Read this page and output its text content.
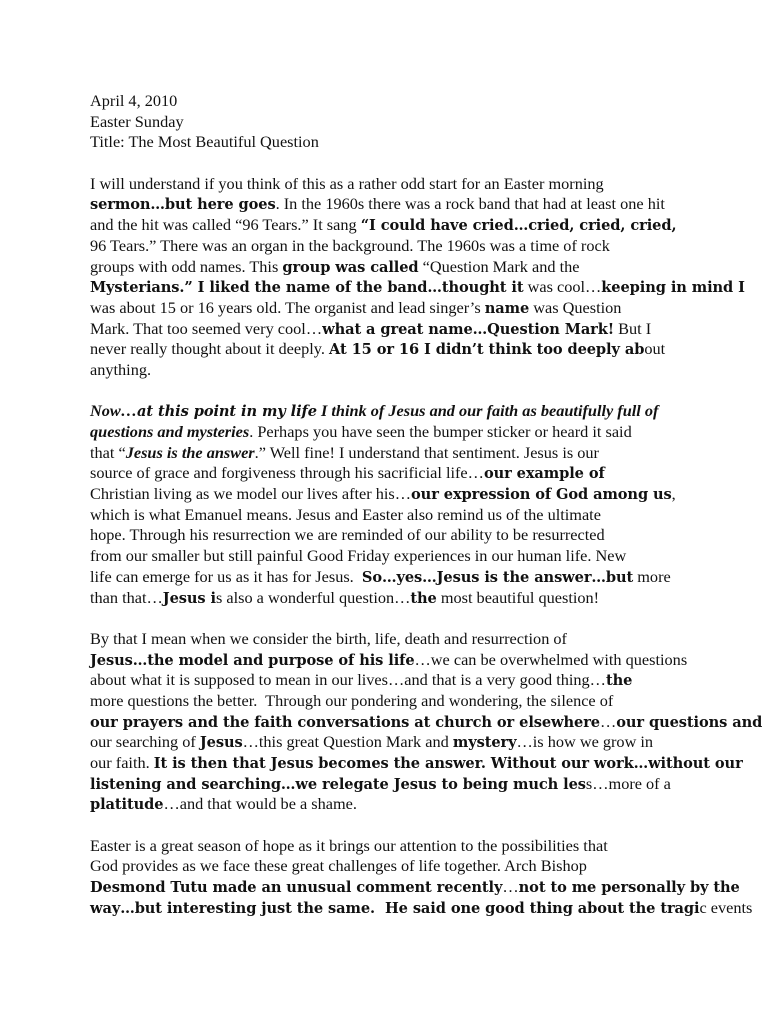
April 4, 2010
Easter Sunday
Title: The Most Beautiful Question
I will understand if you think of this as a rather odd start for an Easter morning
sermon…but here goes. In the 1960s there was a rock band that had at least one hit
and the hit was called “96 Tears.” It sang “I could have cried…cried, cried, cried,
96 Tears.” There was an organ in the background. The 1960s was a time of rock
groups with odd names. This group was called “Question Mark and the
Mysterians.” I liked the name of the band…thought it was cool…keeping in mind I
was about 15 or 16 years old. The organist and lead singer’s name was Question
Mark. That too seemed very cool…what a great name…Question Mark! But I
never really thought about it deeply. At 15 or 16 I didn’t think too deeply about
anything.
Now…at this point in my life I think of Jesus and our faith as beautifully full of
questions and mysteries. Perhaps you have seen the bumper sticker or heard it said
that “Jesus is the answer.” Well fine! I understand that sentiment. Jesus is our
source of grace and forgiveness through his sacrificial life…our example of
Christian living as we model our lives after his…our expression of God among us,
which is what Emanuel means. Jesus and Easter also remind us of the ultimate
hope. Through his resurrection we are reminded of our ability to be resurrected
from our smaller but still painful Good Friday experiences in our human life. New
life can emerge for us as it has for Jesus.  So…yes…Jesus is the answer…but more
than that…Jesus is also a wonderful question…the most beautiful question!
By that I mean when we consider the birth, life, death and resurrection of
Jesus…the model and purpose of his life…we can be overwhelmed with questions
about what it is supposed to mean in our lives…and that is a very good thing…the
more questions the better.  Through our pondering and wondering, the silence of
our prayers and the faith conversations at church or elsewhere…our questions and
our searching of Jesus…this great Question Mark and mystery…is how we grow in
our faith. It is then that Jesus becomes the answer. Without our work…without our
listening and searching…we relegate Jesus to being much less…more of a
platitude…and that would be a shame.
Easter is a great season of hope as it brings our attention to the possibilities that
God provides as we face these great challenges of life together. Arch Bishop
Desmond Tutu made an unusual comment recently…not to me personally by the
way…but interesting just the same.  He said one good thing about the tragic events
